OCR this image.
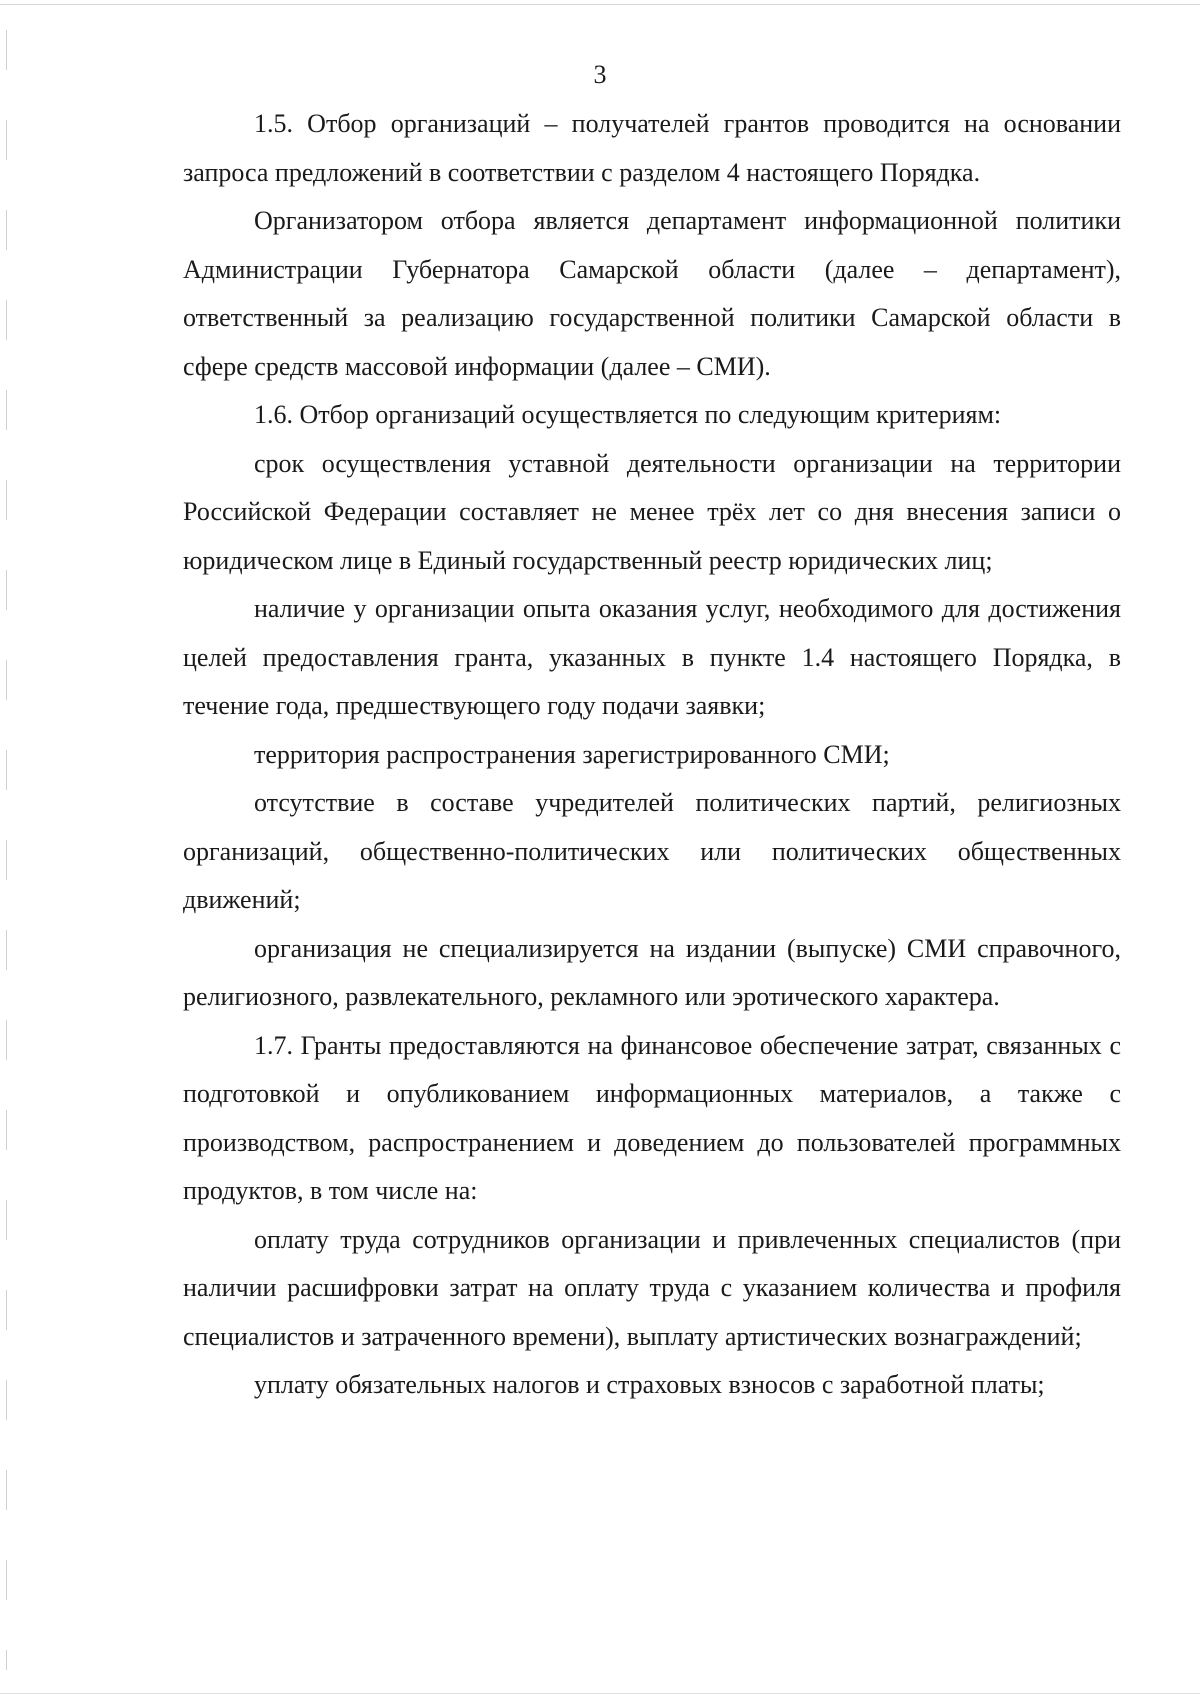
3

1.5. Отбор организаций – получателей грантов проводится на основании запроса предложений в соответствии с разделом 4 настоящего Порядка.

Организатором отбора является департамент информационной политики Администрации Губернатора Самарской области (далее – департамент), ответственный за реализацию государственной политики Самарской области в сфере средств массовой информации (далее – СМИ).

1.6. Отбор организаций осуществляется по следующим критериям:

срок осуществления уставной деятельности организации на территории Российской Федерации составляет не менее трёх лет со дня внесения записи о юридическом лице в Единый государственный реестр юридических лиц;

наличие у организации опыта оказания услуг, необходимого для достижения целей предоставления гранта, указанных в пункте 1.4 настоящего Порядка, в течение года, предшествующего году подачи заявки;

территория распространения зарегистрированного СМИ;

отсутствие в составе учредителей политических партий, религиозных организаций, общественно-политических или политических общественных движений;

организация не специализируется на издании (выпуске) СМИ справочного, религиозного, развлекательного, рекламного или эротического характера.

1.7. Гранты предоставляются на финансовое обеспечение затрат, связанных с подготовкой и опубликованием информационных материалов, а также с производством, распространением и доведением до пользователей программных продуктов, в том числе на:

оплату труда сотрудников организации и привлеченных специалистов (при наличии расшифровки затрат на оплату труда с указанием количества и профиля специалистов и затраченного времени), выплату артистических вознаграждений;

уплату обязательных налогов и страховых взносов с заработной платы;
